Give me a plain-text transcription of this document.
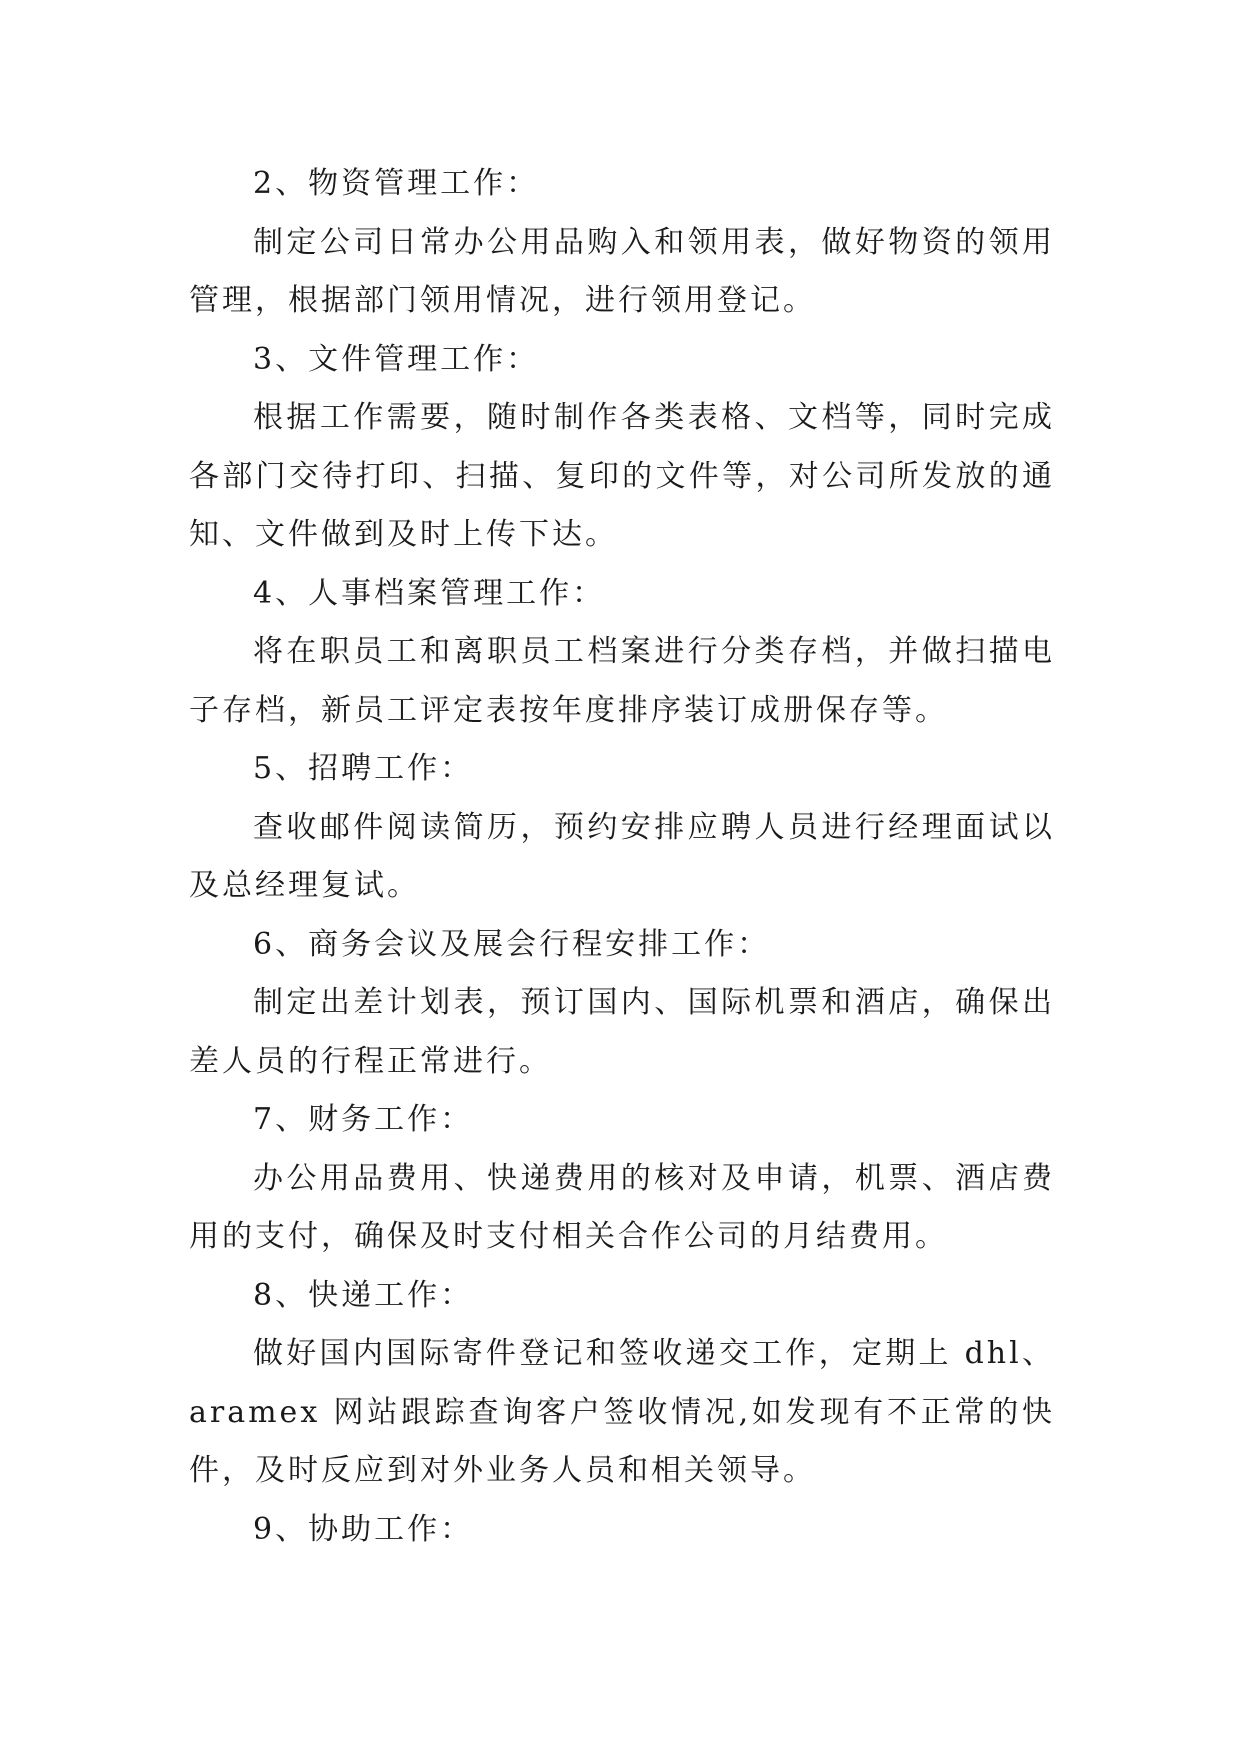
2、物资管理工作：

制定公司日常办公用品购入和领用表，做好物资的领用管理，根据部门领用情况，进行领用登记。

3、文件管理工作：

根据工作需要，随时制作各类表格、文档等，同时完成各部门交待打印、扫描、复印的文件等，对公司所发放的通知、文件做到及时上传下达。

4、人事档案管理工作：

将在职员工和离职员工档案进行分类存档，并做扫描电子存档，新员工评定表按年度排序装订成册保存等。

5、招聘工作：

查收邮件阅读简历，预约安排应聘人员进行经理面试以及总经理复试。

6、商务会议及展会行程安排工作：

制定出差计划表，预订国内、国际机票和酒店，确保出差人员的行程正常进行。

7、财务工作：

办公用品费用、快递费用的核对及申请，机票、酒店费用的支付，确保及时支付相关合作公司的月结费用。

8、快递工作：

做好国内国际寄件登记和签收递交工作，定期上 dhl、aramex 网站跟踪查询客户签收情况,如发现有不正常的快件，及时反应到对外业务人员和相关领导。

9、协助工作：
